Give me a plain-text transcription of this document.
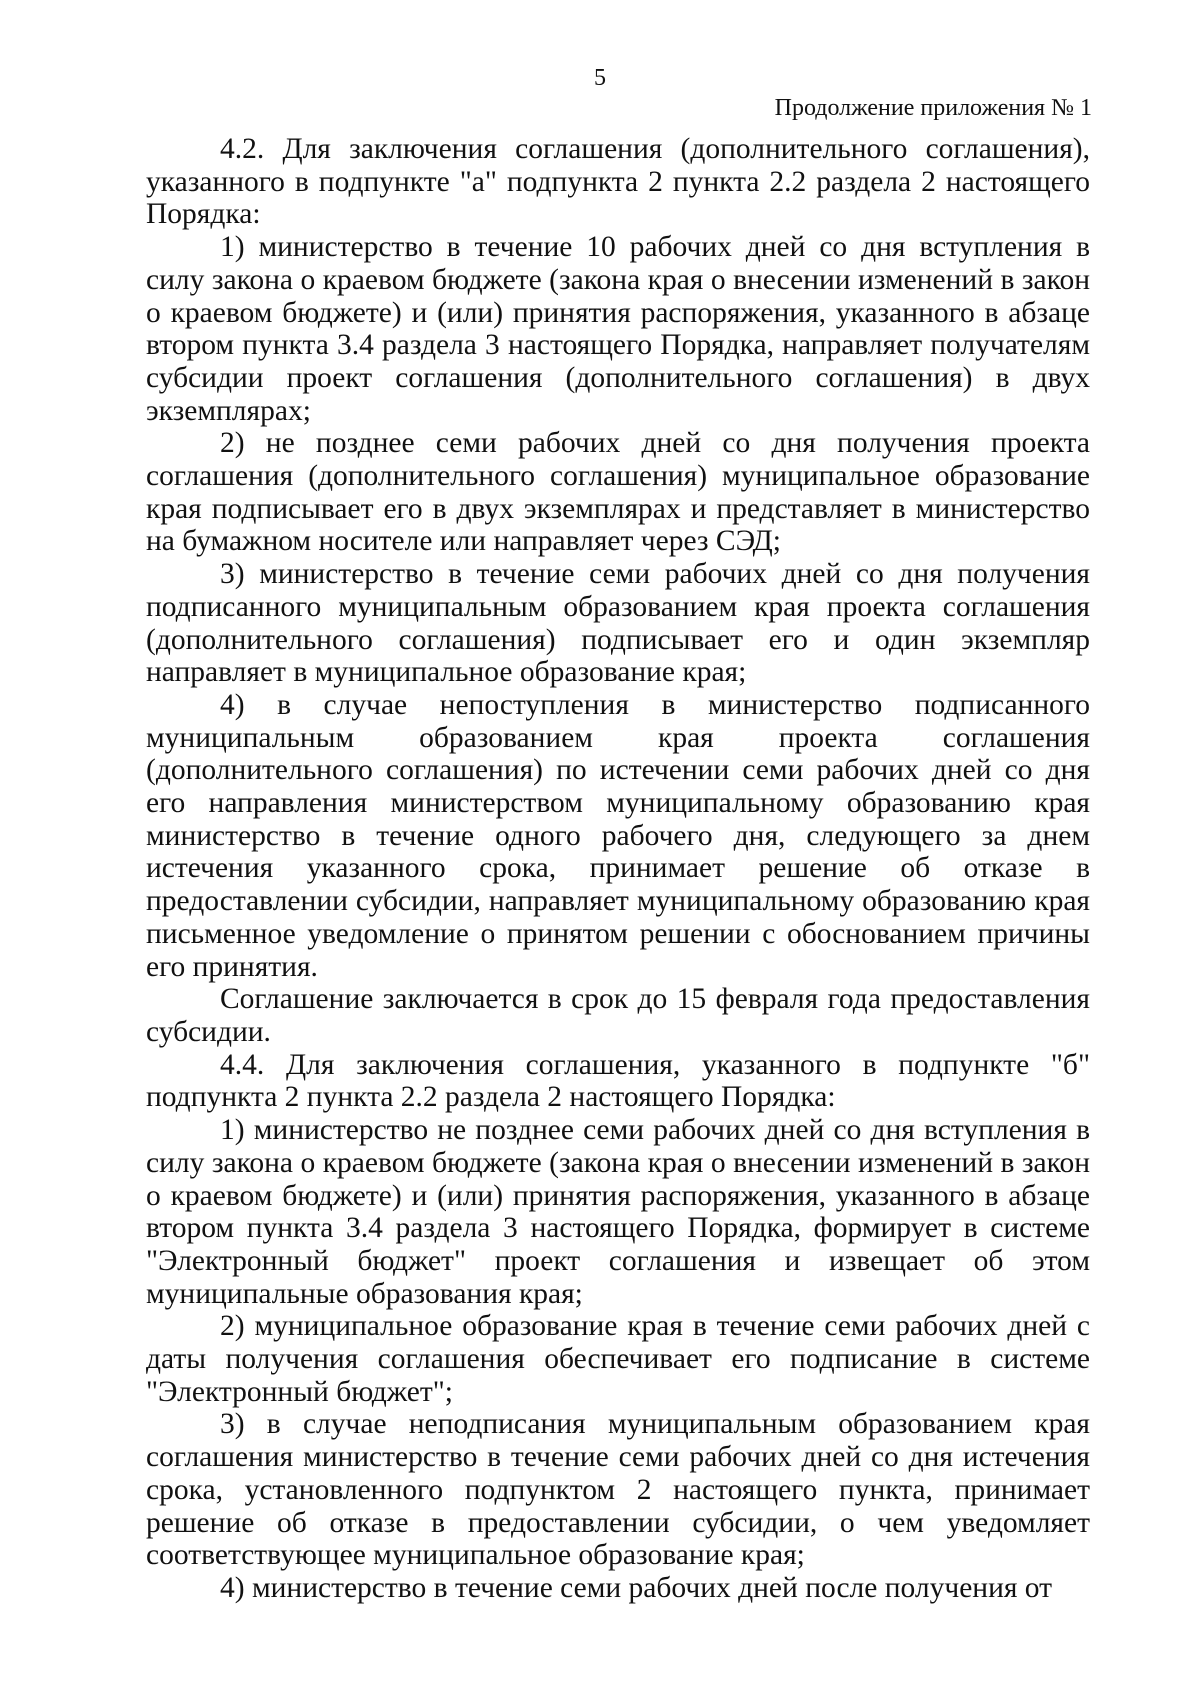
5
Продолжение приложения № 1

4.2. Для заключения соглашения (дополнительного соглашения), указанного в подпункте "а" подпункта 2 пункта 2.2 раздела 2 настоящего Порядка:

1) министерство в течение 10 рабочих дней со дня вступления в силу закона о краевом бюджете (закона края о внесении изменений в закон о краевом бюджете) и (или) принятия распоряжения, указанного в абзаце втором пункта 3.4 раздела 3 настоящего Порядка, направляет получателям субсидии проект соглашения (дополнительного соглашения) в двух экземплярах;

2) не позднее семи рабочих дней со дня получения проекта соглашения (дополнительного соглашения) муниципальное образование края подписывает его в двух экземплярах и представляет в министерство на бумажном носителе или направляет через СЭД;

3) министерство в течение семи рабочих дней со дня получения подписанного муниципальным образованием края проекта соглашения (дополнительного соглашения) подписывает его и один экземпляр направляет в муниципальное образование края;

4) в случае непоступления в министерство подписанного муниципальным образованием края проекта соглашения (дополнительного соглашения) по истечении семи рабочих дней со дня его направления министерством муниципальному образованию края министерство в течение одного рабочего дня, следующего за днем истечения указанного срока, принимает решение об отказе в предоставлении субсидии, направляет муниципальному образованию края письменное уведомление о принятом решении с обоснованием причины его принятия.

Соглашение заключается в срок до 15 февраля года предоставления субсидии.

4.4. Для заключения соглашения, указанного в подпункте "б" подпункта 2 пункта 2.2 раздела 2 настоящего Порядка:

1) министерство не позднее семи рабочих дней со дня вступления в силу закона о краевом бюджете (закона края о внесении изменений в закон о краевом бюджете) и (или) принятия распоряжения, указанного в абзаце втором пункта 3.4 раздела 3 настоящего Порядка, формирует в системе "Электронный бюджет" проект соглашения и извещает об этом муниципальные образования края;

2) муниципальное образование края в течение семи рабочих дней с даты получения соглашения обеспечивает его подписание в системе "Электронный бюджет";

3) в случае неподписания муниципальным образованием края соглашения министерство в течение семи рабочих дней со дня истечения срока, установленного подпунктом 2 настоящего пункта, принимает решение об отказе в предоставлении субсидии, о чем уведомляет соответствующее муниципальное образование края;

4) министерство в течение семи рабочих дней после получения от
